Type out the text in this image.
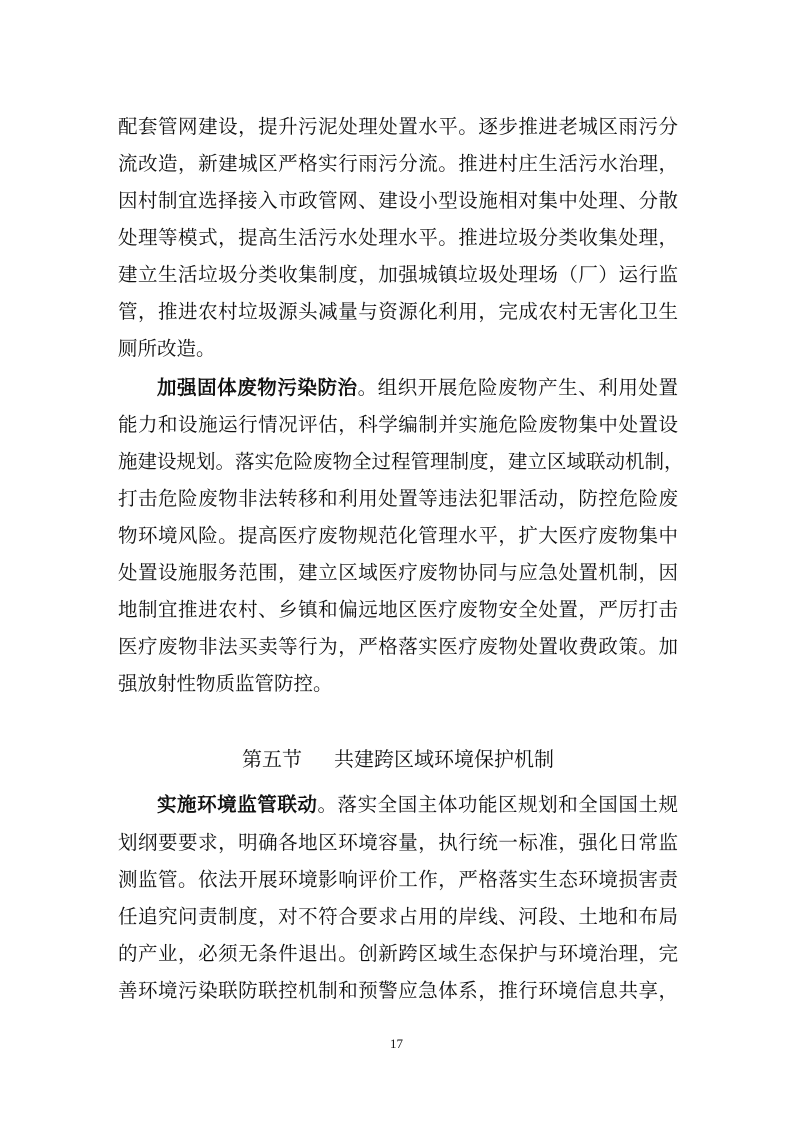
配套管网建设，提升污泥处理处置水平。逐步推进老城区雨污分
流改造，新建城区严格实行雨污分流。推进村庄生活污水治理，
因村制宜选择接入市政管网、建设小型设施相对集中处理、分散
处理等模式，提高生活污水处理水平。推进垃圾分类收集处理，
建立生活垃圾分类收集制度，加强城镇垃圾处理场（厂）运行监
管，推进农村垃圾源头减量与资源化利用，完成农村无害化卫生
厕所改造。
加强固体废物污染防治。组织开展危险废物产生、利用处置
能力和设施运行情况评估，科学编制并实施危险废物集中处置设
施建设规划。落实危险废物全过程管理制度，建立区域联动机制，
打击危险废物非法转移和利用处置等违法犯罪活动，防控危险废
物环境风险。提高医疗废物规范化管理水平，扩大医疗废物集中
处置设施服务范围，建立区域医疗废物协同与应急处置机制，因
地制宜推进农村、乡镇和偏远地区医疗废物安全处置，严厉打击
医疗废物非法买卖等行为，严格落实医疗废物处置收费政策。加
强放射性物质监管防控。
第五节 共建跨区域环境保护机制
实施环境监管联动。落实全国主体功能区规划和全国国土规
划纲要要求，明确各地区环境容量，执行统一标准，强化日常监
测监管。依法开展环境影响评价工作，严格落实生态环境损害责
任追究问责制度，对不符合要求占用的岸线、河段、土地和布局
的产业，必须无条件退出。创新跨区域生态保护与环境治理，完
善环境污染联防联控机制和预警应急体系，推行环境信息共享，
17
